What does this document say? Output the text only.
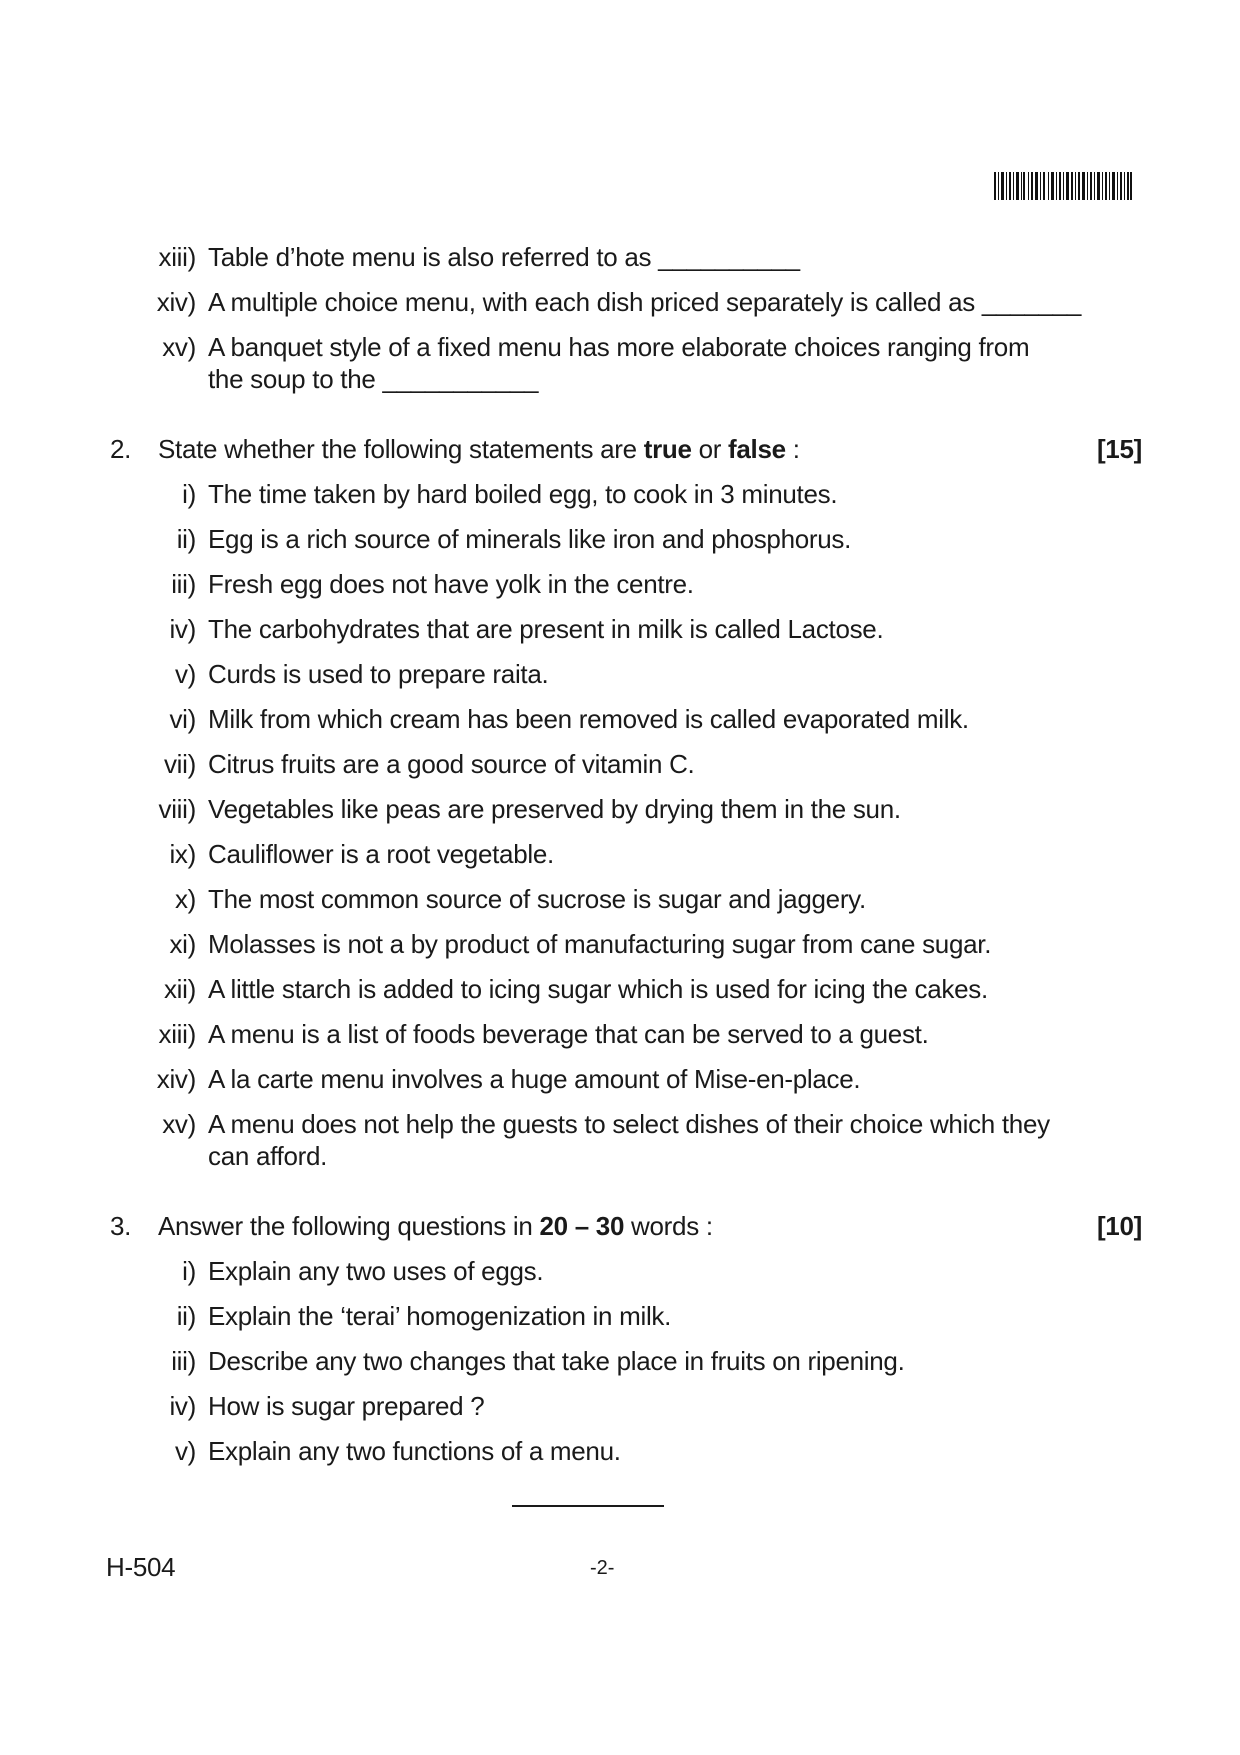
xiii) Table d’hote menu is also referred to as __________
xiv) A multiple choice menu, with each dish priced separately is called as _______
xv) A banquet style of a fixed menu has more elaborate choices ranging from
the soup to the ___________
2. State whether the following statements are true or false :	[15]
i) The time taken by hard boiled egg, to cook in 3 minutes.
ii) Egg is a rich source of minerals like iron and phosphorus.
iii) Fresh egg does not have yolk in the centre.
iv) The carbohydrates that are present in milk is called Lactose.
v) Curds is used to prepare raita.
vi) Milk from which cream has been removed is called evaporated milk.
vii) Citrus fruits are a good source of vitamin C.
viii) Vegetables like peas are preserved by drying them in the sun.
ix) Cauliflower is a root vegetable.
x) The most common source of sucrose is sugar and jaggery.
xi) Molasses is not a by product of manufacturing sugar from cane sugar.
xii) A little starch is added to icing sugar which is used for icing the cakes.
xiii) A menu is a list of foods beverage that can be served to a guest.
xiv) A la carte menu involves a huge amount of Mise-en-place.
xv) A menu does not help the guests to select dishes of their choice which they
can afford.
3. Answer the following questions in 20 – 30 words :	[10]
i) Explain any two uses of eggs.
ii) Explain the ‘terai’ homogenization in milk.
iii) Describe any two changes that take place in fruits on ripening.
iv) How is sugar prepared ?
v) Explain any two functions of a menu.
H-504	-2-
